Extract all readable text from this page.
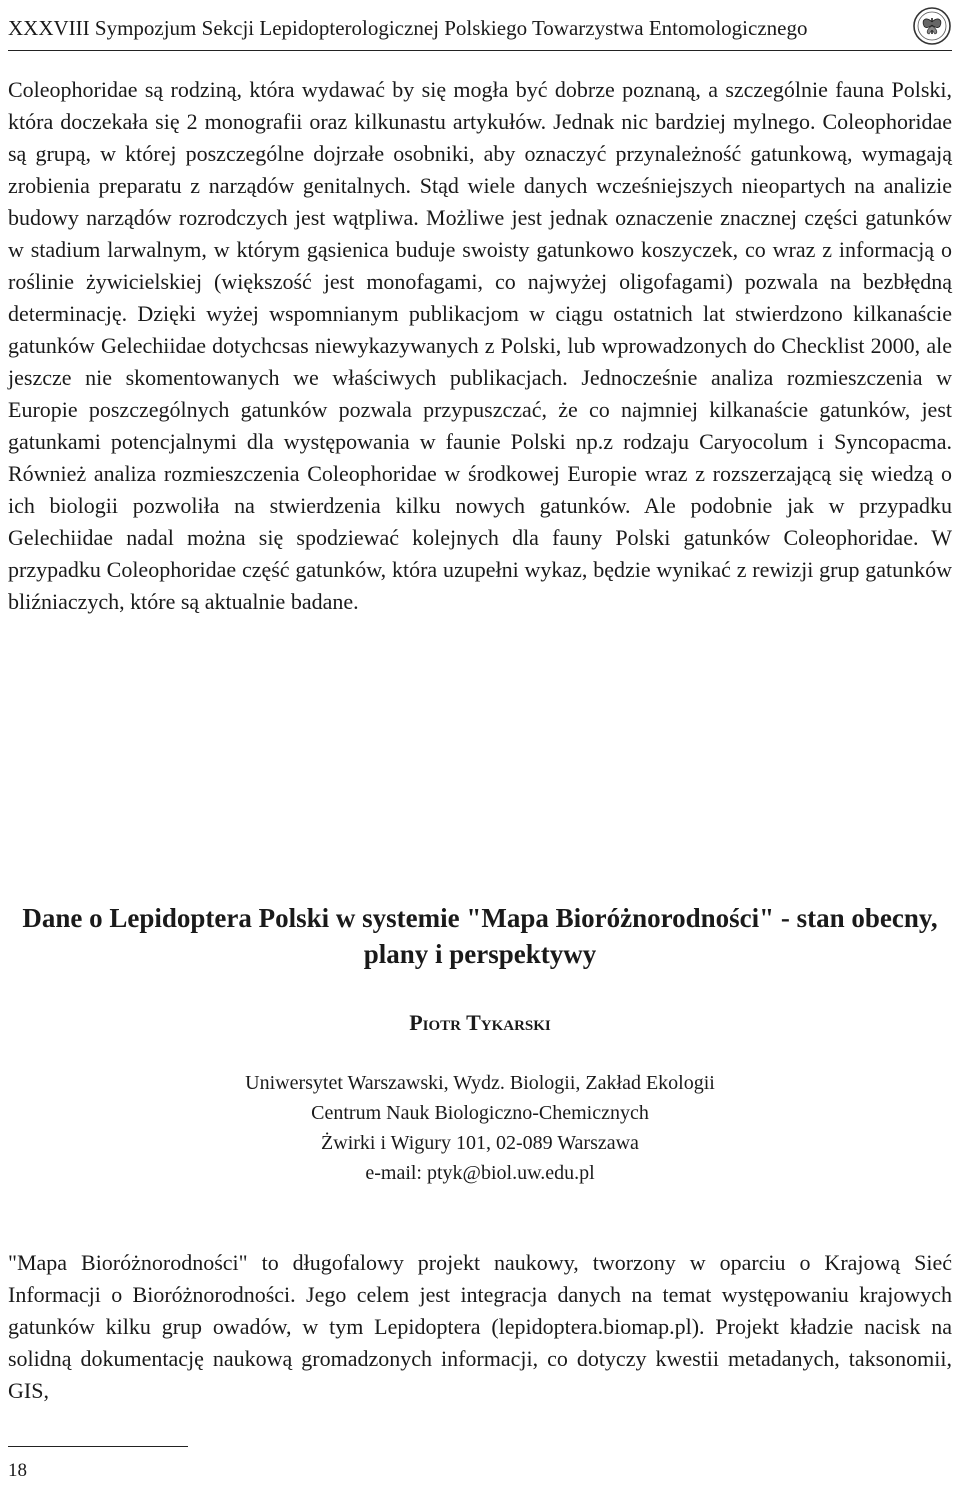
XXXVIII Sympozjum Sekcji Lepidopterologicznej Polskiego Towarzystwa Entomologicznego

Coleophoridae są rodziną, która wydawać by się mogła być dobrze poznaną, a szczególnie fauna Polski, która doczekała się 2 monografii oraz kilkunastu artykułów. Jednak nic bardziej mylnego. Coleophoridae są grupą, w której poszczególne dojrzałe osobniki, aby oznaczyć przynależność gatunkową, wymagają zrobienia preparatu z narządów genitalnych. Stąd wiele danych wcześniejszych nieopartych na analizie budowy narządów rozrodczych jest wątpliwa. Możliwe jest jednak oznaczenie znacznej części gatunków w stadium larwalnym, w którym gąsienica buduje swoisty gatunkowo koszyczek, co wraz z informacją o roślinie żywicielskiej (większość jest monofagami, co najwyżej oligofagami) pozwala na bezbłędną determinację. Dzięki wyżej wspomnianym publikacjom w ciągu ostatnich lat stwierdzono kilkanaście gatunków Gelechiidae dotychcsas niewykazywanych z Polski, lub wprowadzonych do Checklist 2000, ale jeszcze nie skomentowanych we właściwych publikacjach. Jednocześnie analiza rozmieszczenia w Europie poszczególnych gatunków pozwala przypuszczać, że co najmniej kilkanaście gatunków, jest gatunkami potencjalnymi dla występowania w faunie Polski np.z rodzaju Caryocolum i Syncopacma. Również analiza rozmieszczenia Coleophoridae w środkowej Europie wraz z rozszerzającą się wiedzą o ich biologii pozwoliła na stwierdzenia kilku nowych gatunków. Ale podobnie jak w przypadku Gelechiidae nadal można się spodziewać kolejnych dla fauny Polski gatunków Coleophoridae. W przypadku Coleophoridae część gatunków, która uzupełni wykaz, będzie wynikać z rewizji grup gatunków bliźniaczych, które są aktualnie badane.

Dane o Lepidoptera Polski w systemie "Mapa Bioróżnorodności" - stan obecny, plany i perspektywy

Piotr Tykarski

Uniwersytet Warszawski, Wydz. Biologii, Zakład Ekologii
Centrum Nauk Biologiczno-Chemicznych
Żwirki i Wigury 101, 02-089 Warszawa
e-mail: ptyk@biol.uw.edu.pl

"Mapa Bioróżnorodności" to długofalowy projekt naukowy, tworzony w oparciu o Krajową Sieć Informacji o Bioróżnorodności. Jego celem jest integracja danych na temat występowaniu krajowych gatunków kilku grup owadów, w tym Lepidoptera (lepidoptera.biomap.pl). Projekt kładzie nacisk na solidną dokumentację naukową gromadzonych informacji, co dotyczy kwestii metadanych, taksonomii, GIS,

18
